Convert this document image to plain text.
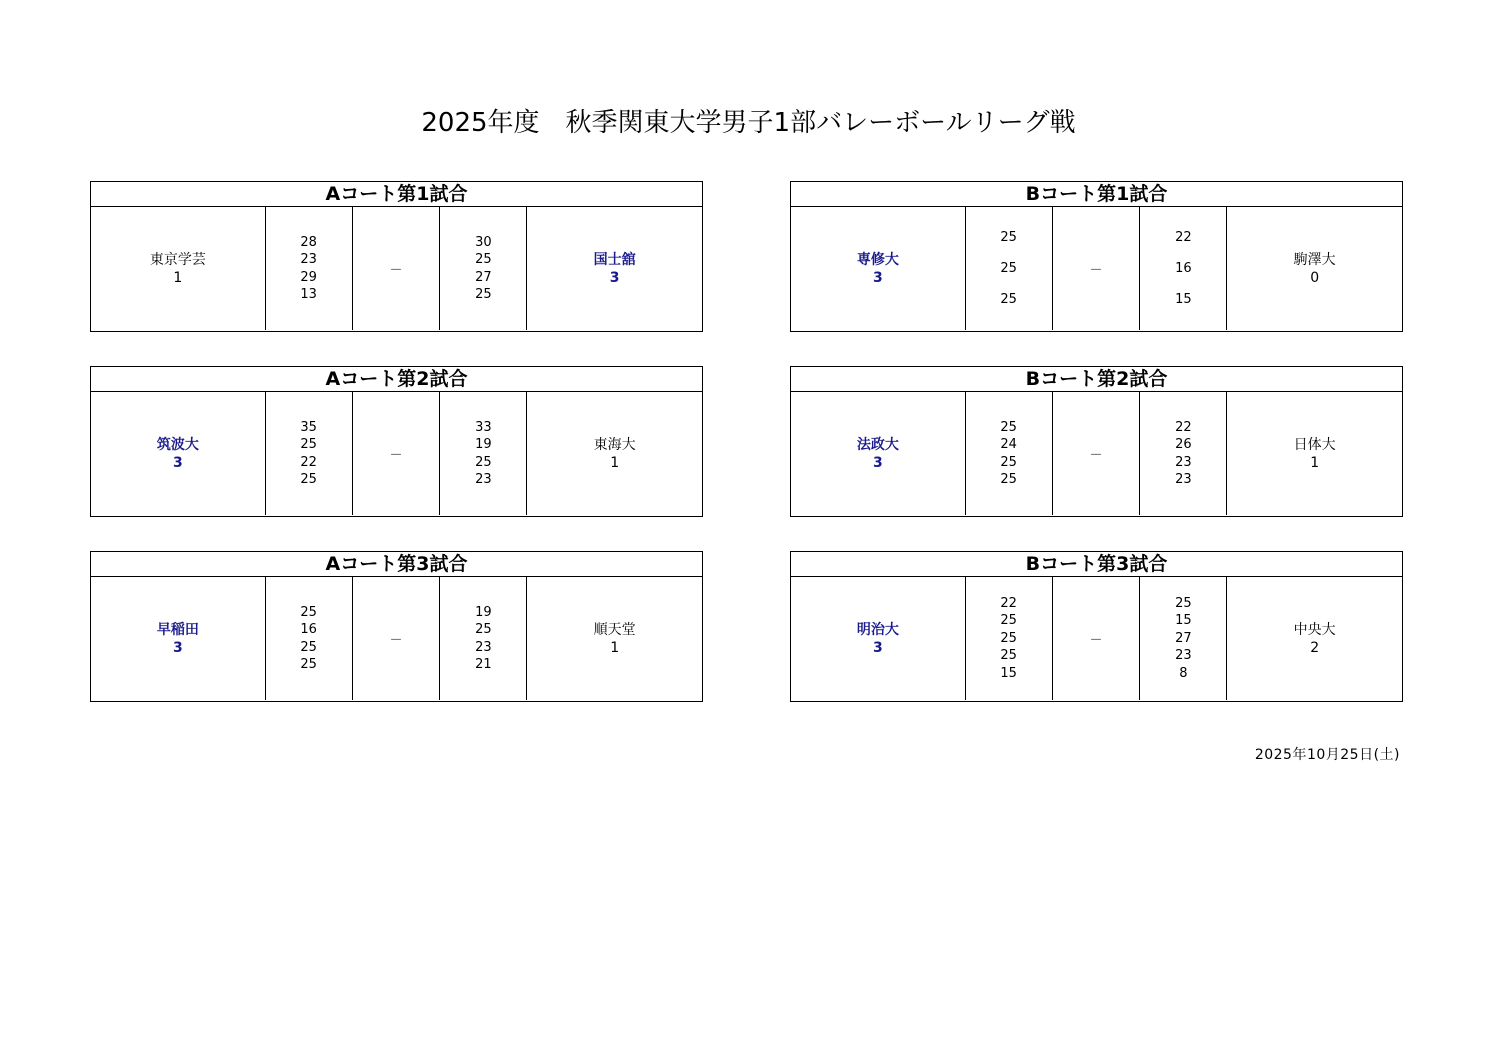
2025年度　秋季関東大学男子1部バレーボールリーグ戦
Aコート第1試合
東京学芸
1
28
23
29
13
－
30
25
27
25
国士舘
3
Bコート第1試合
専修大
3
25
25
25
－
22
16
15
駒澤大
0
Aコート第2試合
筑波大
3
35
25
22
25
－
33
19
25
23
東海大
1
Bコート第2試合
法政大
3
25
24
25
25
－
22
26
23
23
日体大
1
Aコート第3試合
早稲田
3
25
16
25
25
－
19
25
23
21
順天堂
1
Bコート第3試合
明治大
3
22
25
25
25
15
－
25
15
27
23
8
中央大
2
2025年10月25日(土)
